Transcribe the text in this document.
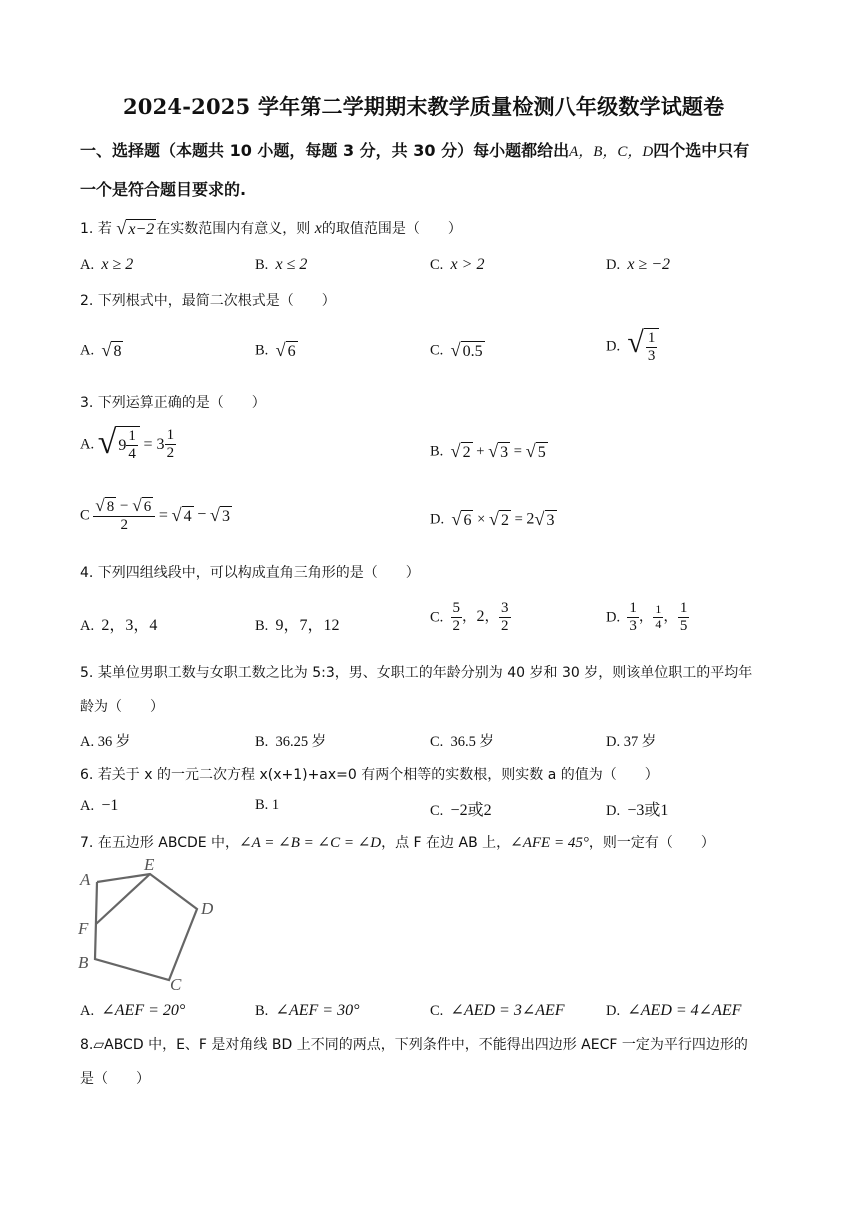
2024-2025 学年第二学期期末教学质量检测八年级数学试题卷
一、选择题（本题共 10 小题，每题 3 分，共 30 分）每小题都给出A，B，C，D四个选中只有
一个是符合题目要求的.
1. 若 √ x−2 在实数范围内有意义，则 x的取值范围是（　　）
A. x ≥ 2	B. x ≤ 2	C. x > 2	D. x ≥ −2
2. 下列根式中，最简二次根式是（　　）
A. √ 8	B. √ 6	C. √ 0.5	D. √ $\frac{1}{3}$
3. 下列运算正确的是（　　）
A. √ $9 \frac{1}{4} = 3 \frac{1}{2}$	B. √ 2 + √ 3 = √ 5
C $\frac{√ 8 - √ 6}{2}$ = √ 4 − √ 3	D. √ 6 × √ 2 = 2 √ 3
4. 下列四组线段中，可以构成直角三角形的是（　　）
A. 2，3，4	B. 9，7，12	C. $\frac{5}{2}$ ，2， $\frac{3}{2}$	D. $\frac{1}{3}$ ， $\frac{1}{4}$ ， $\frac{1}{5}$
5. 某单位男职工数与女职工数之比为 5:3，男、女职工的年龄分别为 40 岁和 30 岁，则该单位职工的平均年
龄为（　　）
A. 36 岁	B. 36.25 岁	C. 36.5 岁	D. 37 岁
6. 若关于 x 的一元二次方程 x(x+1)+ax=0 有两个相等的实数根，则实数 a 的值为（　　）
A. −1	B. 1	C. −2或2	D. −3或1
7. 在五边形 ABCDE 中，∠A = ∠B = ∠C = ∠D，点 F 在边 AB 上，∠AFE = 45°，则一定有（　　）
A
E
D
F
B
C
A. ∠AEF = 20°	B. ∠AEF = 30°	C. ∠AED = 3∠AEF	D. ∠AED = 4∠AEF
8.▱ABCD 中，E、F 是对角线 BD 上不同的两点，下列条件中，不能得出四边形 AECF 一定为平行四边形的
是（　　）
